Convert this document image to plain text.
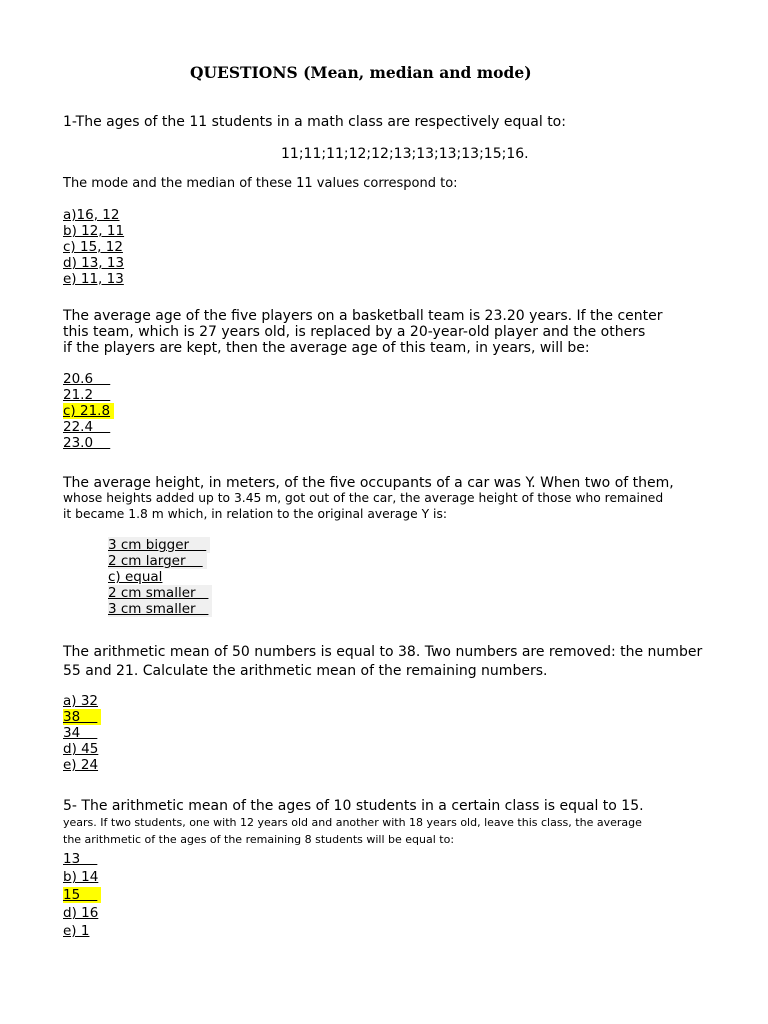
QUESTIONS (Mean, median and mode)
1-The ages of the 11 students in a math class are respectively equal to:
11;11;11;12;12;13;13;13;13;15;16.
The mode and the median of these 11 values correspond to:
a)16, 12
b) 12, 11
c) 15, 12
d) 13, 13
e) 11, 13
The average age of the five players on a basketball team is 23.20 years. If the center
this team, which is 27 years old, is replaced by a 20-year-old player and the others
if the players are kept, then the average age of this team, in years, will be:
20.6
21.2
c) 21.8
22.4
23.0
The average height, in meters, of the five occupants of a car was Y. When two of them,
whose heights added up to 3.45 m, got out of the car, the average height of those who remained
it became 1.8 m which, in relation to the original average Y is:
3 cm bigger
2 cm larger
c) equal
2 cm smaller
3 cm smaller
The arithmetic mean of 50 numbers is equal to 38. Two numbers are removed: the number
55 and 21. Calculate the arithmetic mean of the remaining numbers.
a) 32
38
34
d) 45
e) 24
5- The arithmetic mean of the ages of 10 students in a certain class is equal to 15.
years. If two students, one with 12 years old and another with 18 years old, leave this class, the average
the arithmetic of the ages of the remaining 8 students will be equal to:
13
b) 14
15
d) 16
e) 1
